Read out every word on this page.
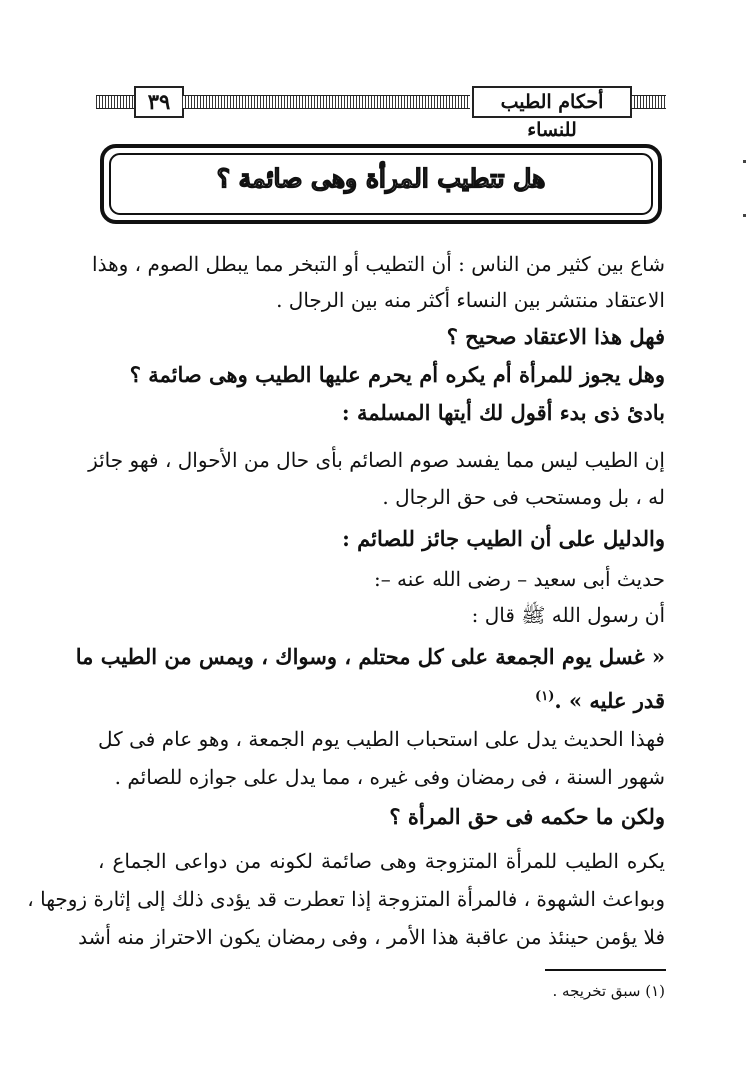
٣٩	أحكام الطيب للنساء
هل تتطيب المرأة وهى صائمة ؟
شاع بين كثير من الناس : أن التطيب أو التبخر مما يبطل الصوم ، وهذا
الاعتقاد منتشر بين النساء أكثر منه بين الرجال .
فهل هذا الاعتقاد صحيح ؟
وهل يجوز للمرأة أم يكره أم يحرم عليها الطيب وهى صائمة ؟
بادئ ذى بدء أقول لك أيتها المسلمة :
إن الطيب ليس مما يفسد صوم الصائم بأى حال من الأحوال ، فهو جائز
له ، بل ومستحب فى حق الرجال .
والدليل على أن الطيب جائز للصائم :
حديث أبى سعيد – رضى الله عنه –:
أن رسول الله ﷺ قال :
« غسل يوم الجمعة على كل محتلم ، وسواك ، ويمس من الطيب ما
قدر عليه » .$^{(١)}$
فهذا الحديث يدل على استحباب الطيب يوم الجمعة ، وهو عام فى كل
شهور السنة ، فى رمضان وفى غيره ، مما يدل على جوازه للصائم .
ولكن ما حكمه فى حق المرأة ؟
يكره الطيب للمرأة المتزوجة وهى صائمة لكونه من دواعى الجماع ،
وبواعث الشهوة ، فالمرأة المتزوجة إذا تعطرت قد يؤدى ذلك إلى إثارة زوجها ،
فلا يؤمن حينئذ من عاقبة هذا الأمر ، وفى رمضان يكون الاحتراز منه أشد
(١) سبق تخريجه .
